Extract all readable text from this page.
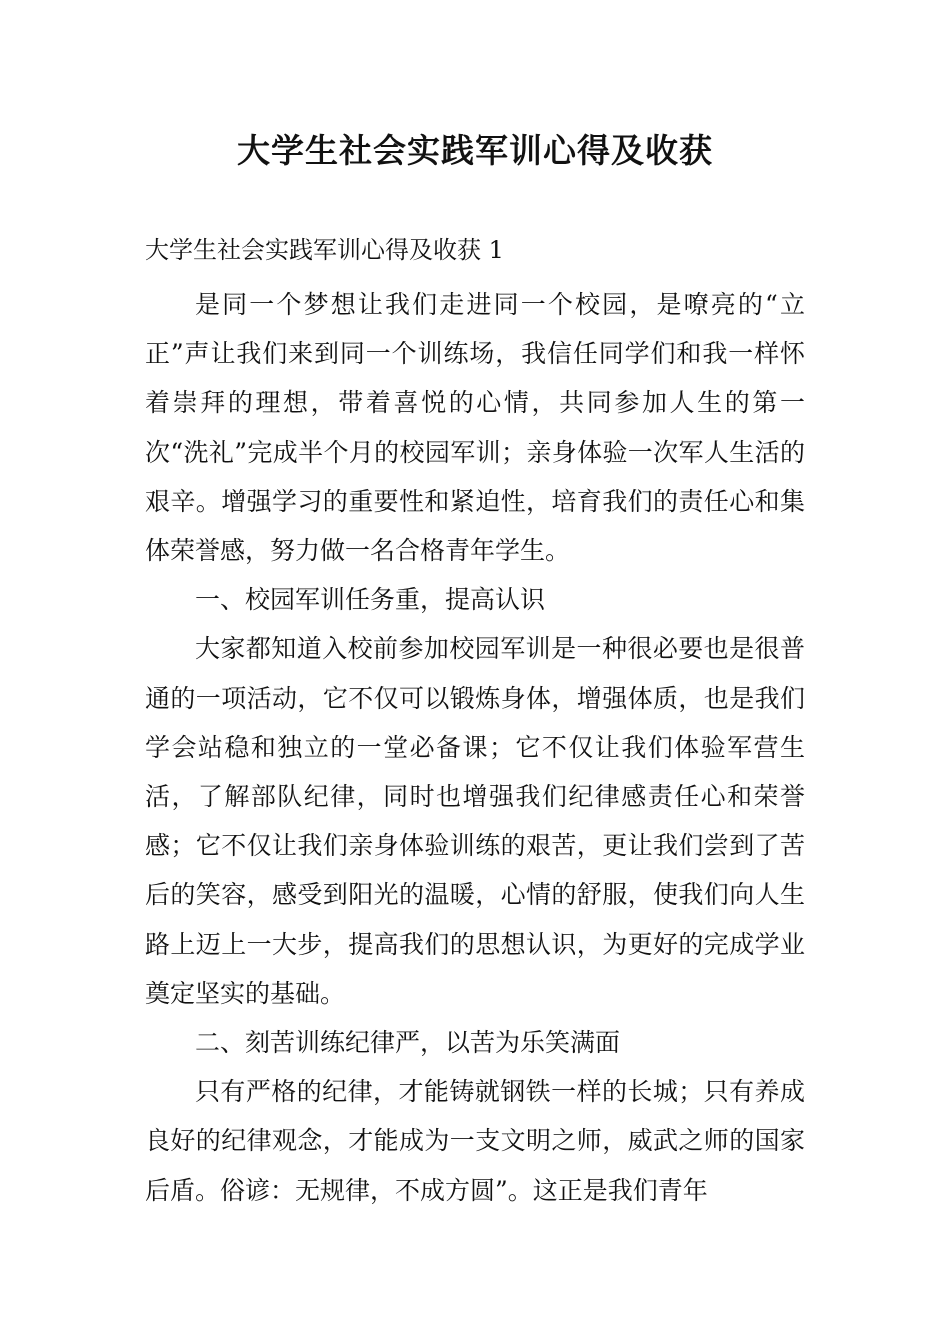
大学生社会实践军训心得及收获
大学生社会实践军训心得及收获 1

是同一个梦想让我们走进同一个校园，是嘹亮的“立正”声让我们来到同一个训练场，我信任同学们和我一样怀着崇拜的理想，带着喜悦的心情，共同参加人生的第一次“洗礼”完成半个月的校园军训；亲身体验一次军人生活的艰辛。增强学习的重要性和紧迫性，培育我们的责任心和集体荣誉感，努力做一名合格青年学生。

一、校园军训任务重，提高认识

大家都知道入校前参加校园军训是一种很必要也是很普通的一项活动，它不仅可以锻炼身体，增强体质，也是我们学会站稳和独立的一堂必备课；它不仅让我们体验军营生活，了解部队纪律，同时也增强我们纪律感责任心和荣誉感；它不仅让我们亲身体验训练的艰苦，更让我们尝到了苦后的笑容，感受到阳光的温暖，心情的舒服，使我们向人生路上迈上一大步，提高我们的思想认识，为更好的完成学业奠定坚实的基础。

二、刻苦训练纪律严，以苦为乐笑满面

只有严格的纪律，才能铸就钢铁一样的长城；只有养成良好的纪律观念，才能成为一支文明之师，威武之师的国家后盾。俗谚：无规律，不成方圆”。这正是我们青年
